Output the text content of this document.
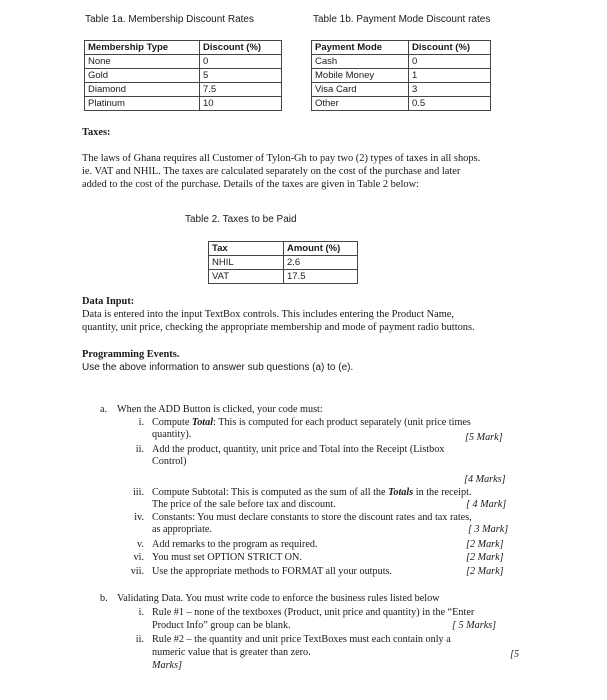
Table 1a. Membership Discount Rates
Membership Type	Discount (%)
None	0
Gold	5
Diamond	7.5
Platinum	10
Table 1b. Payment Mode Discount rates
Payment Mode	Discount (%)
Cash	0
Mobile Money	1
Visa Card	3
Other	0.5
Taxes:
The laws of Ghana requires all Customer of Tylon-Gh to pay two (2) types of taxes in all shops.
ie. VAT and NHIL. The taxes are calculated separately on the cost of the purchase and later
added to the cost of the purchase. Details of the taxes are given in Table 2 below:
Table 2. Taxes to be Paid
Tax	Amount (%)
NHIL	2.6
VAT	17.5
Data Input:
Data is entered into the input TextBox controls. This includes entering the Product Name,
quantity, unit price, checking the appropriate membership and mode of payment radio buttons.
Programming Events.
Use the above information to answer sub questions (a) to (e).
a. When the ADD Button is clicked, your code must:
i. Compute Total: This is computed for each product separately (unit price times
quantity).	[5 Mark]
ii. Add the product, quantity, unit price and Total into the Receipt (Listbox
Control)
[4 Marks]
iii. Compute Subtotal: This is computed as the sum of all the Totals in the receipt.
The price of the sale before tax and discount.	[ 4 Mark]
iv. Constants: You must declare constants to store the discount rates and tax rates,
as appropriate.	[ 3 Mark]
v. Add remarks to the program as required.	[2 Mark]
vi. You must set OPTION STRICT ON.	[2 Mark]
vii. Use the appropriate methods to FORMAT all your outputs.	[2 Mark]
b. Validating Data. You must write code to enforce the business rules listed below
i. Rule #1 – none of the textboxes (Product, unit price and quantity) in the “Enter
Product Info” group can be blank.	[ 5 Marks]
ii. Rule #2 – the quantity and unit price TextBoxes must each contain only a
numeric value that is greater than zero.	[5
Marks]
